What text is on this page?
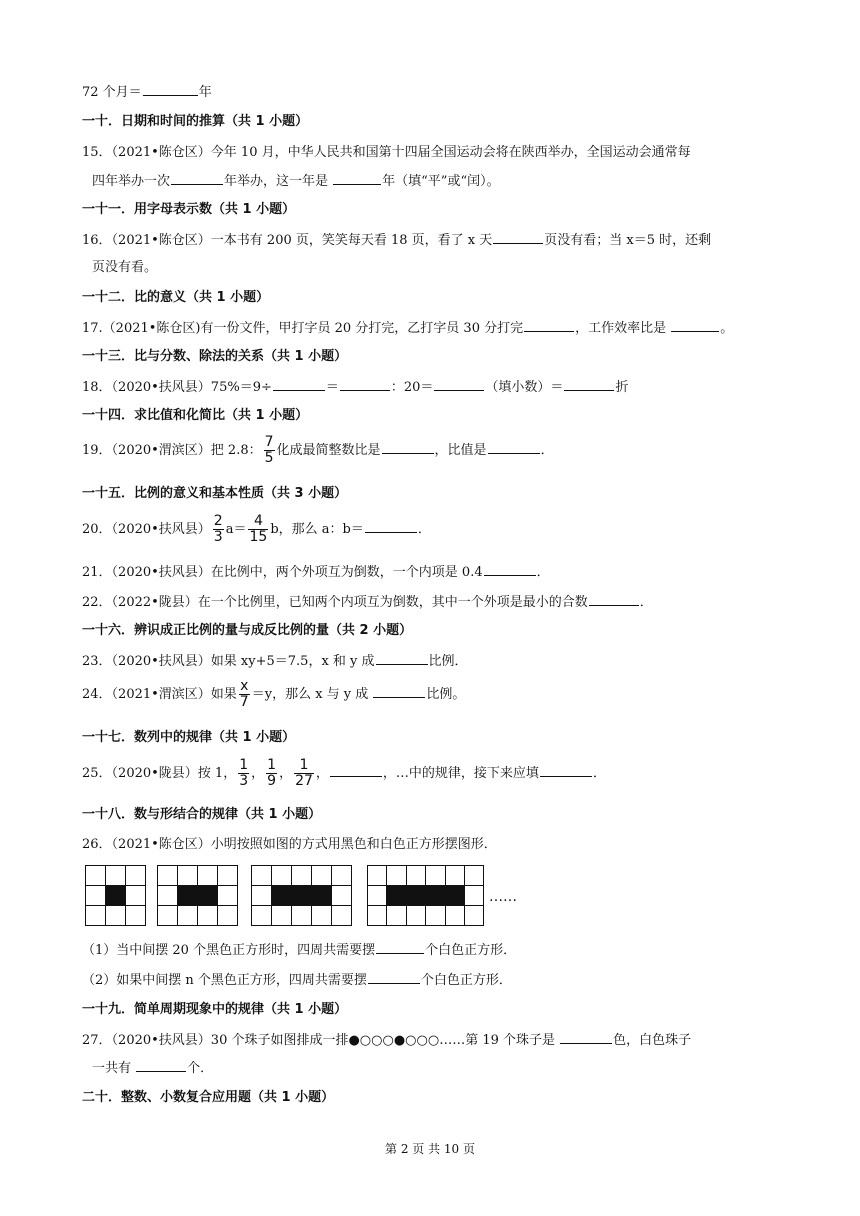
72 个月＝	年
一十．日期和时间的推算（共 1 小题）
15．（2021•陈仓区）今年 10 月，中华人民共和国第十四届全国运动会将在陕西举办，全国运动会通常每
四年举办一次	年举办，这一年是	年（填“平”或“闰）。
一十一．用字母表示数（共 1 小题）
16．（2021•陈仓区）一本书有 200 页，笑笑每天看 18 页，看了 x 天	页没有看；当 x＝5 时，还剩
页没有看。
一十二．比的意义（共 1 小题）
17.（2021•陈仓区)有一份文件，甲打字员 20 分打完，乙打字员 30 分打完	，工作效率比是	。
一十三．比与分数、除法的关系（共 1 小题）
18．（2020•扶风县）75%＝9÷	＝	：20＝	（填小数）＝	折
一十四．求比值和化简比（共 1 小题）
19．（2020•渭滨区）把 2.8： $\frac{7}{5}$ 化成最简整数比是	，比值是	．
一十五．比例的意义和基本性质（共 3 小题）
20．（2020•扶风县） $\frac{2}{3} a= \frac{4}{15}$ b，那么 a：b＝	．
21．（2020•扶风县）在比例中，两个外项互为倒数，一个内项是 0.4	．
22．（2022•陇县）在一个比例里，已知两个内项互为倒数，其中一个外项是最小的合数	．
一十六．辨识成正比例的量与成反比例的量（共 2 小题）
23．（2020•扶风县）如果 xy+5＝7.5，x 和 y 成	比例．
24．（2021•渭滨区）如果 $\frac{x}{7} =y$，那么 x 与 y 成	比例。
一十七．数列中的规律（共 1 小题）
25．（2020•陇县）按 1， $\frac{1}{3}$ ， $\frac{1}{9}$ ， $\frac{1}{27}$ ，	，…中的规律，接下来应填	．
一十八．数与形结合的规律（共 1 小题）
26．（2021•陈仓区）小明按照如图的方式用黑色和白色正方形摆图形．
……
（1）当中间摆 20 个黑色正方形时，四周共需要摆	个白色正方形．
（2）如果中间摆 n 个黑色正方形，四周共需要摆	个白色正方形．
一十九．简单周期现象中的规律（共 1 小题）
27．（2020•扶风县）30 个珠子如图排成一排●○○○●○○○……第 19 个珠子是	色，白色珠子
一共有	个．
二十．整数、小数复合应用题（共 1 小题）
第 2 页 共 10 页
